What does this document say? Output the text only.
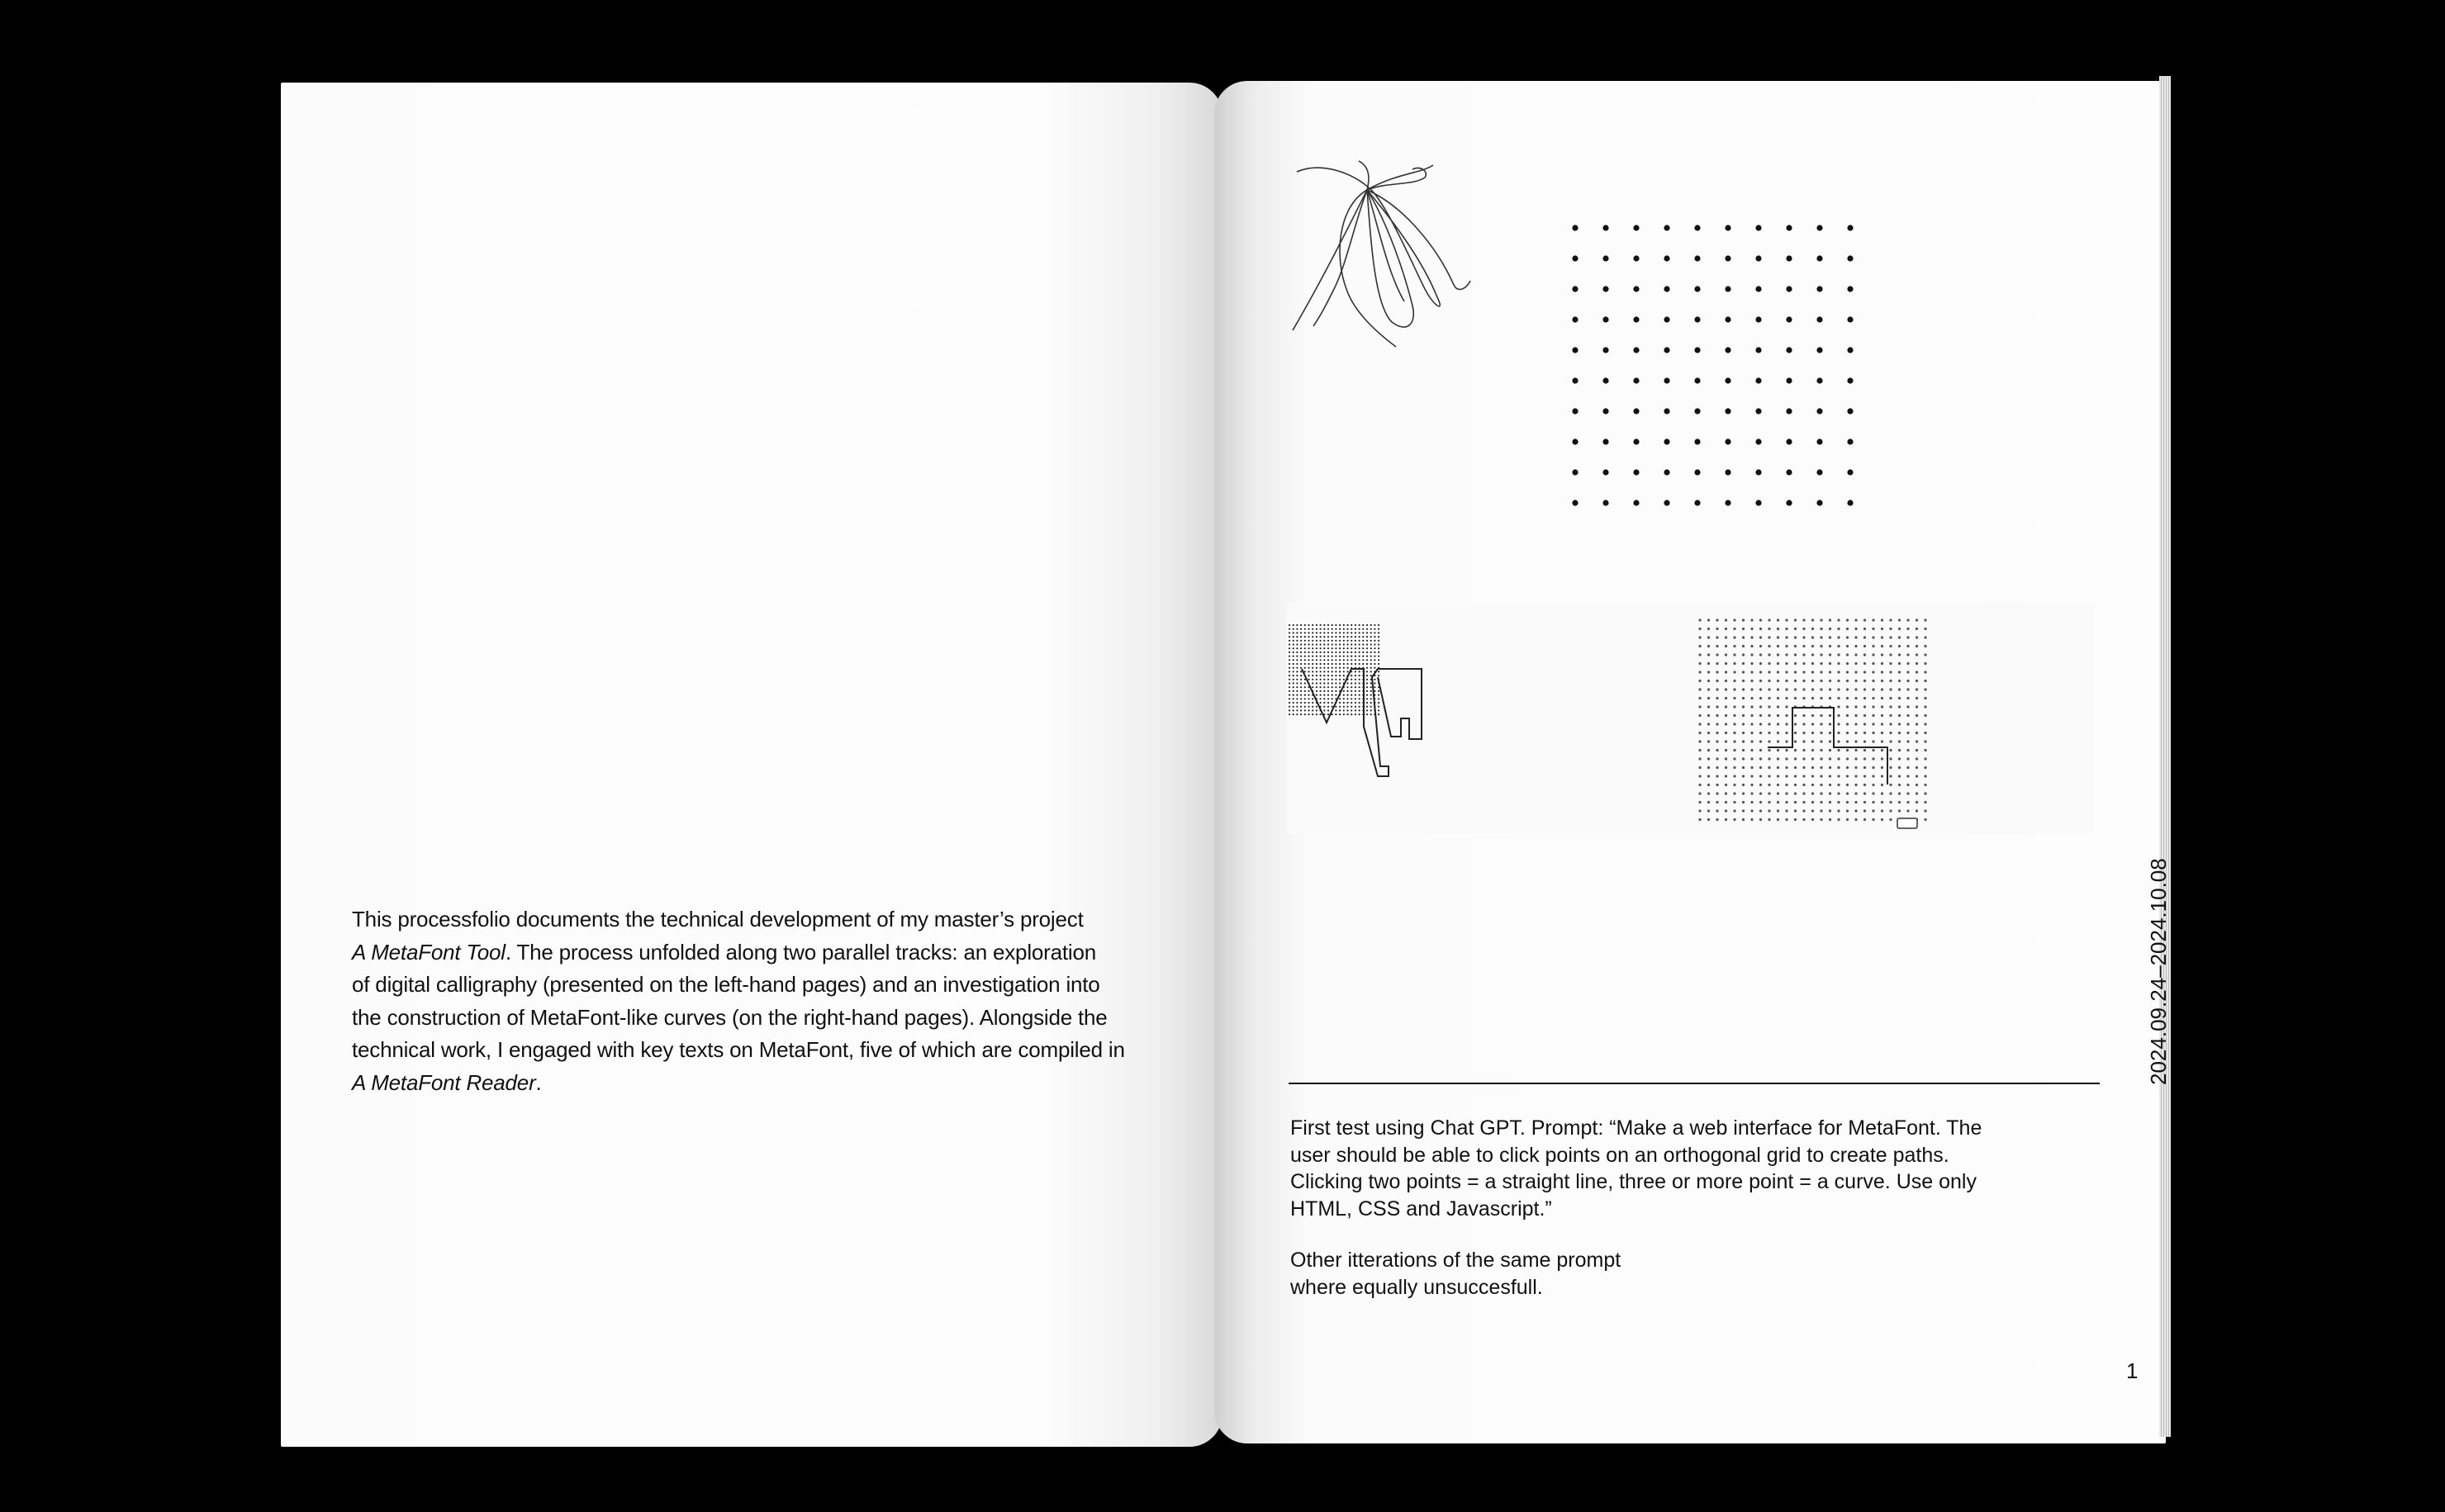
This processfolio documents the technical development of my master’s project
A MetaFont Tool. The process unfolded along two parallel tracks: an exploration
of digital calligraphy (presented on the left-hand pages) and an investigation into
the construction of MetaFont-like curves (on the right-hand pages). Alongside the
technical work, I engaged with key texts on MetaFont, five of which are compiled in
A MetaFont Reader.	2024.09.24–2024.10.08
First test using Chat GPT. Prompt: “Make a web interface for MetaFont. The
user should be able to click points on an orthogonal grid to create paths.
Clicking two points = a straight line, three or more point = a curve. Use only
HTML, CSS and Javascript.”
Other itterations of the same prompt
where equally unsuccesfull.
1
